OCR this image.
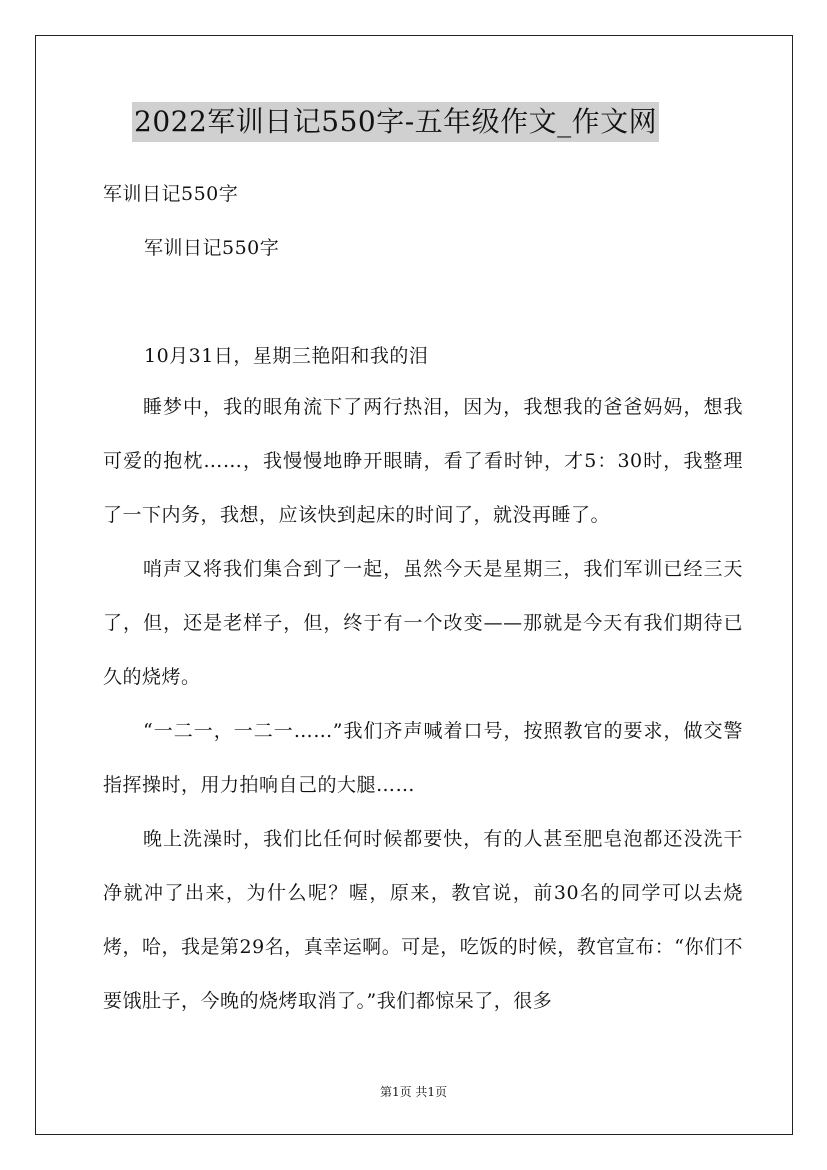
2022军训日记550字-五年级作文_作文网
军训日记550字
军训日记550字
10月31日，星期三艳阳和我的泪

睡梦中，我的眼角流下了两行热泪，因为，我想我的爸爸妈妈，想我可爱的抱枕……，我慢慢地睁开眼睛，看了看时钟，才5：30时，我整理了一下内务，我想，应该快到起床的时间了，就没再睡了。

哨声又将我们集合到了一起，虽然今天是星期三，我们军训已经三天了，但，还是老样子，但，终于有一个改变——那就是今天有我们期待已久的烧烤。

“一二一，一二一……”我们齐声喊着口号，按照教官的要求，做交警指挥操时，用力拍响自己的大腿……

晚上洗澡时，我们比任何时候都要快，有的人甚至肥皂泡都还没洗干净就冲了出来，为什么呢？喔，原来，教官说，前30名的同学可以去烧烤，哈，我是第29名，真幸运啊。可是，吃饭的时候，教官宣布：“你们不要饿肚子，今晚的烧烤取消了。”我们都惊呆了，很多

第1页 共1页
